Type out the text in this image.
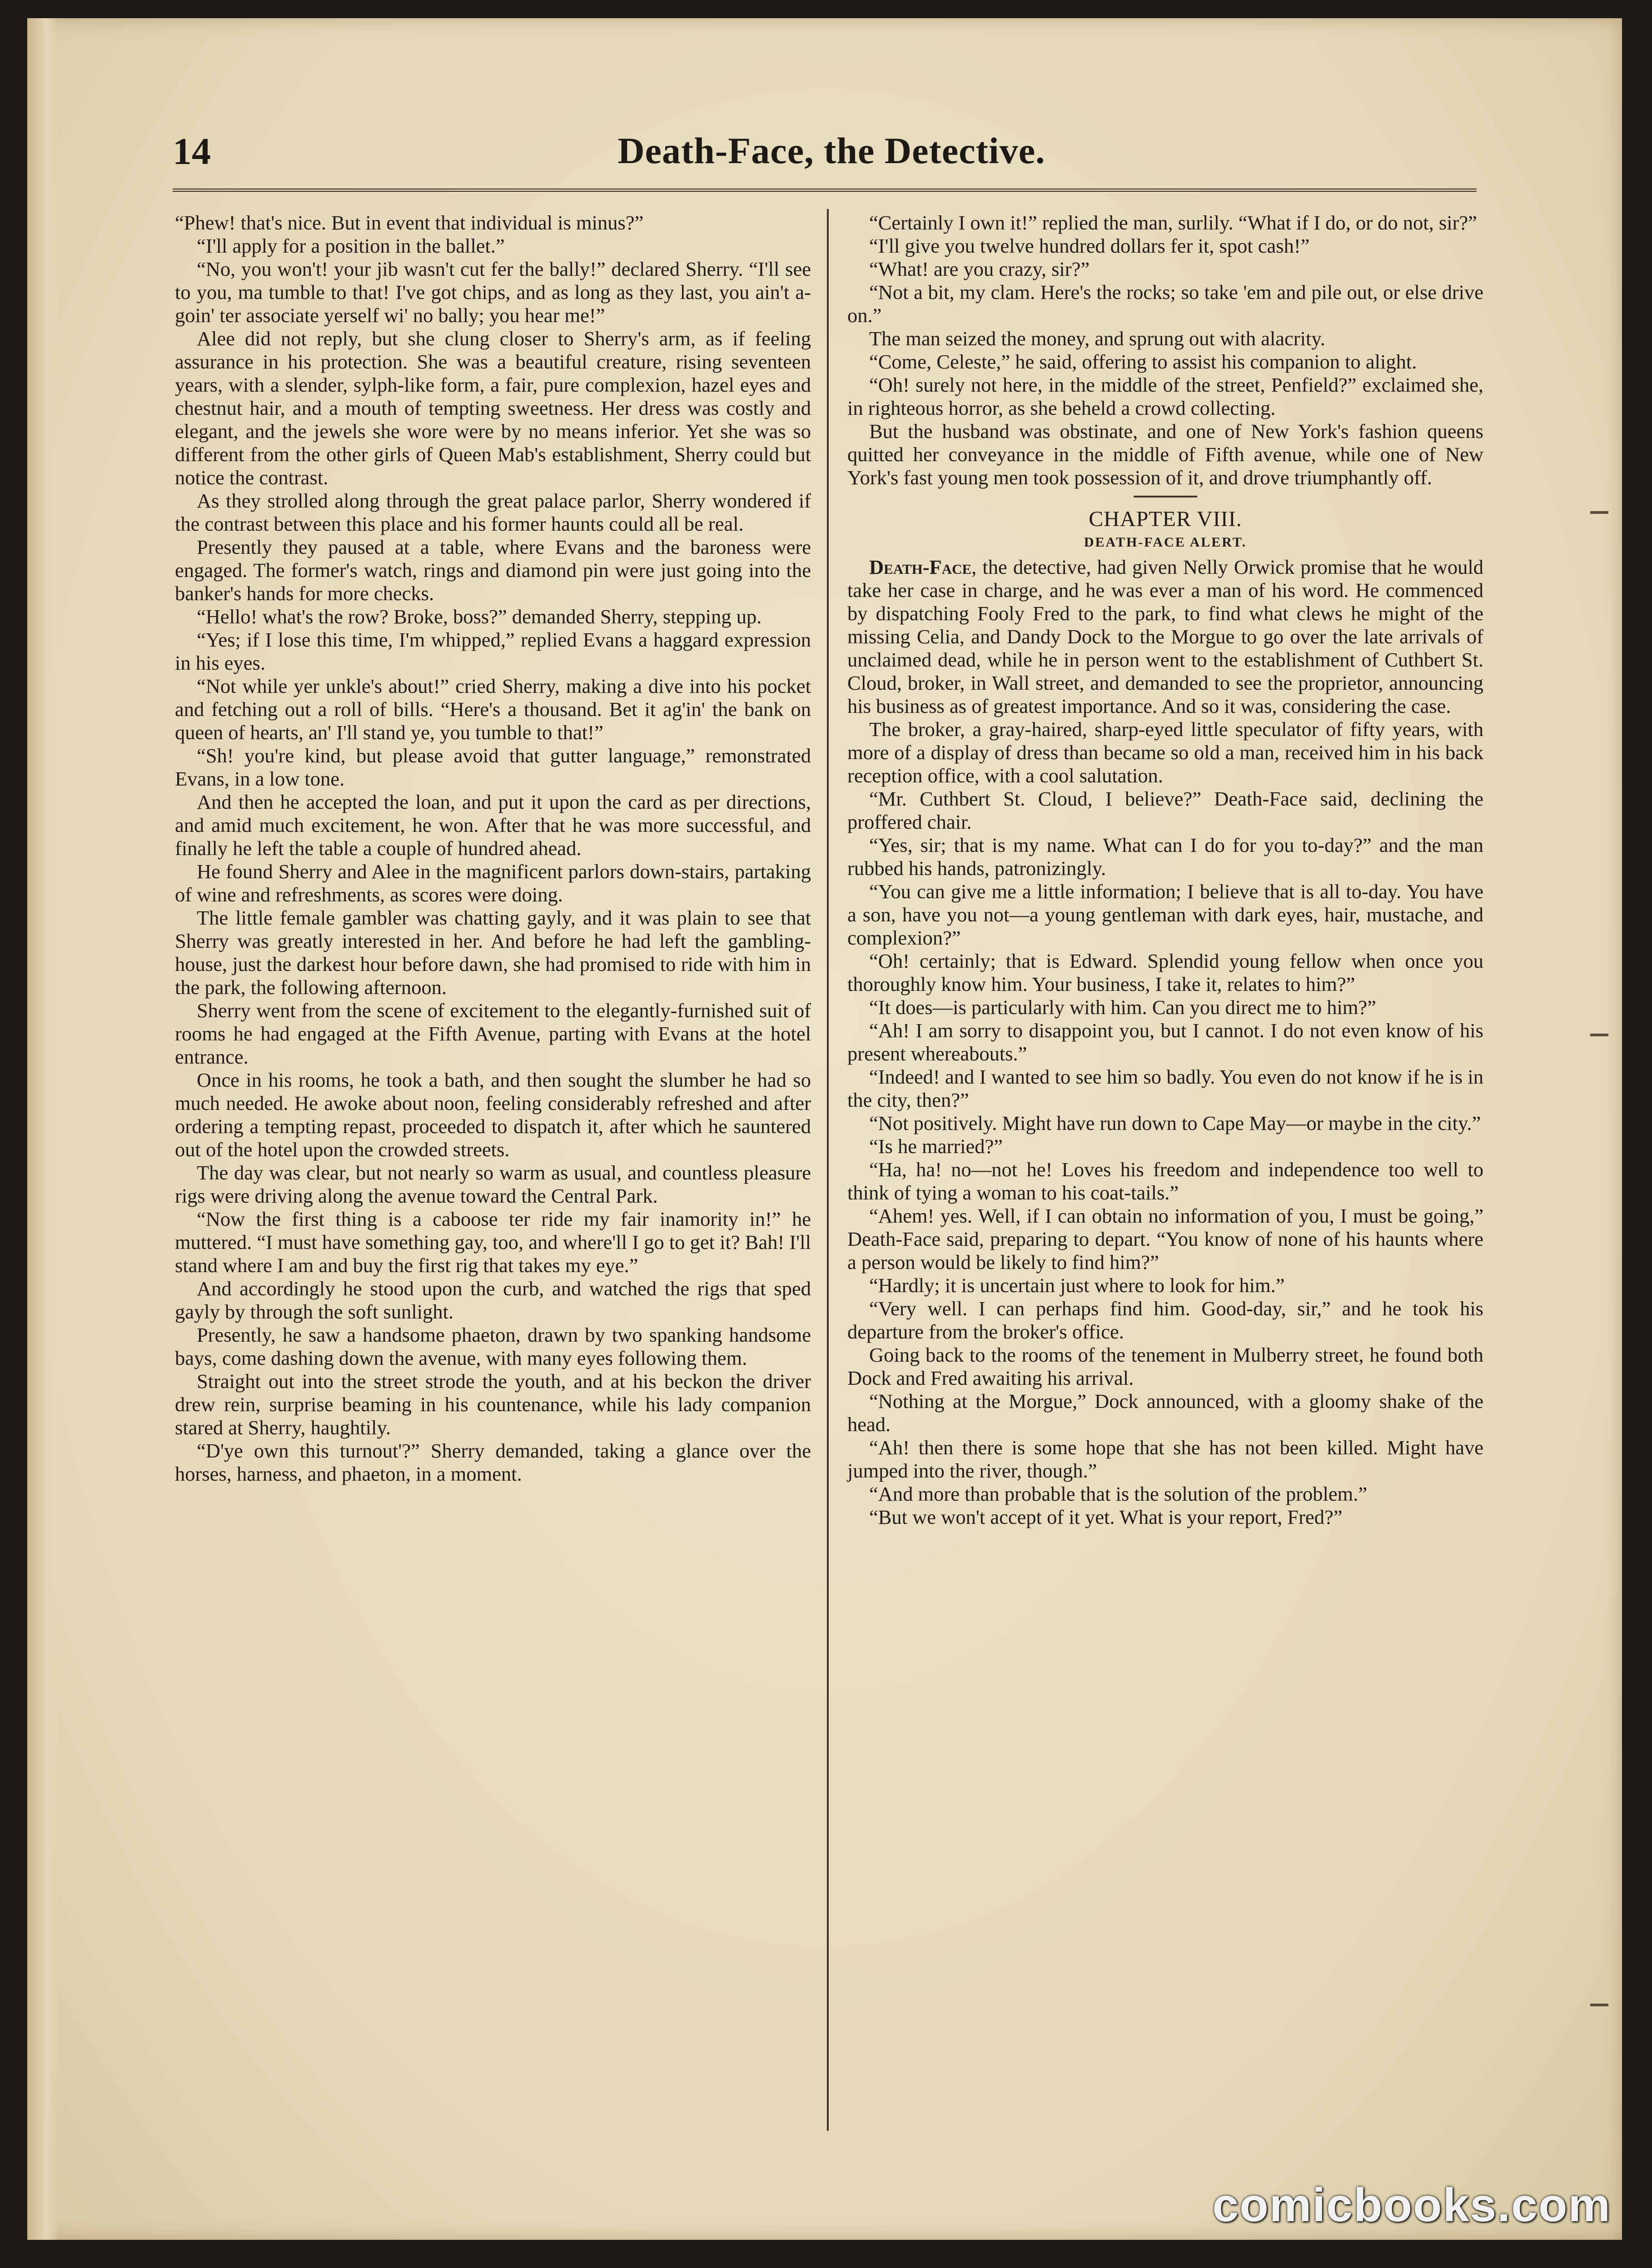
14	Death-Face, the Detective.

“Phew! that's nice. But in event that individual is minus?”

“I'll apply for a position in the ballet.”

“No, you won't! your jib wasn't cut fer the bally!” declared Sherry. “I'll see to you, ma tumble to that! I've got chips, and as long as they last, you ain't a-goin' ter associate yerself wi' no bally; you hear me!”

Alee did not reply, but she clung closer to Sherry's arm, as if feeling assurance in his protection. She was a beautiful creature, rising seventeen years, with a slender, sylph-like form, a fair, pure complexion, hazel eyes and chestnut hair, and a mouth of tempting sweetness. Her dress was costly and elegant, and the jewels she wore were by no means inferior. Yet she was so different from the other girls of Queen Mab's establishment, Sherry could but notice the contrast.

As they strolled along through the great palace parlor, Sherry wondered if the contrast between this place and his former haunts could all be real.

Presently they paused at a table, where Evans and the baroness were engaged. The former's watch, rings and diamond pin were just going into the banker's hands for more checks.

“Hello! what's the row? Broke, boss?” demanded Sherry, stepping up.

“Yes; if I lose this time, I'm whipped,” replied Evans a haggard expression in his eyes.

“Not while yer unkle's about!” cried Sherry, making a dive into his pocket and fetching out a roll of bills. “Here's a thousand. Bet it ag'in' the bank on queen of hearts, an' I'll stand ye, you tumble to that!”

“Sh! you're kind, but please avoid that gutter language,” remonstrated Evans, in a low tone.

And then he accepted the loan, and put it upon the card as per directions, and amid much excitement, he won. After that he was more successful, and finally he left the table a couple of hundred ahead.

He found Sherry and Alee in the magnificent parlors down-stairs, partaking of wine and refreshments, as scores were doing.

The little female gambler was chatting gayly, and it was plain to see that Sherry was greatly interested in her. And before he had left the gambling-house, just the darkest hour before dawn, she had promised to ride with him in the park, the following afternoon.

Sherry went from the scene of excitement to the elegantly-furnished suit of rooms he had engaged at the Fifth Avenue, parting with Evans at the hotel entrance.

Once in his rooms, he took a bath, and then sought the slumber he had so much needed. He awoke about noon, feeling considerably refreshed and after ordering a tempting repast, proceeded to dispatch it, after which he sauntered out of the hotel upon the crowded streets.

The day was clear, but not nearly so warm as usual, and countless pleasure rigs were driving along the avenue toward the Central Park.

“Now the first thing is a caboose ter ride my fair inamority in!” he muttered. “I must have something gay, too, and where'll I go to get it? Bah! I'll stand where I am and buy the first rig that takes my eye.”

And accordingly he stood upon the curb, and watched the rigs that sped gayly by through the soft sunlight.

Presently, he saw a handsome phaeton, drawn by two spanking handsome bays, come dashing down the avenue, with many eyes following them.

Straight out into the street strode the youth, and at his beckon the driver drew rein, surprise beaming in his countenance, while his lady companion stared at Sherry, haughtily.

“D'ye own this turnout'?” Sherry demanded, taking a glance over the horses, harness, and phaeton, in a moment.

“Certainly I own it!” replied the man, surlily. “What if I do, or do not, sir?”

“I'll give you twelve hundred dollars fer it, spot cash!”

“What! are you crazy, sir?”

“Not a bit, my clam. Here's the rocks; so take 'em and pile out, or else drive on.”

The man seized the money, and sprung out with alacrity.

“Come, Celeste,” he said, offering to assist his companion to alight.

“Oh! surely not here, in the middle of the street, Penfield?” exclaimed she, in righteous horror, as she beheld a crowd collecting.

But the husband was obstinate, and one of New York's fashion queens quitted her conveyance in the middle of Fifth avenue, while one of New York's fast young men took possession of it, and drove triumphantly off.

CHAPTER VIII.
DEATH-FACE ALERT.

Death-Face, the detective, had given Nelly Orwick promise that he would take her case in charge, and he was ever a man of his word. He commenced by dispatching Fooly Fred to the park, to find what clews he might of the missing Celia, and Dandy Dock to the Morgue to go over the late arrivals of unclaimed dead, while he in person went to the establishment of Cuthbert St. Cloud, broker, in Wall street, and demanded to see the proprietor, announcing his business as of greatest importance. And so it was, considering the case.

The broker, a gray-haired, sharp-eyed little speculator of fifty years, with more of a display of dress than became so old a man, received him in his back reception office, with a cool salutation.

“Mr. Cuthbert St. Cloud, I believe?” Death-Face said, declining the proffered chair.

“Yes, sir; that is my name. What can I do for you to-day?” and the man rubbed his hands, patronizingly.

“You can give me a little information; I believe that is all to-day. You have a son, have you not—a young gentleman with dark eyes, hair, mustache, and complexion?”

“Oh! certainly; that is Edward. Splendid young fellow when once you thoroughly know him. Your business, I take it, relates to him?”

“It does—is particularly with him. Can you direct me to him?”

“Ah! I am sorry to disappoint you, but I cannot. I do not even know of his present whereabouts.”

“Indeed! and I wanted to see him so badly. You even do not know if he is in the city, then?”

“Not positively. Might have run down to Cape May—or maybe in the city.”

“Is he married?”

“Ha, ha! no—not he! Loves his freedom and independence too well to think of tying a woman to his coat-tails.”

“Ahem! yes. Well, if I can obtain no information of you, I must be going,” Death-Face said, preparing to depart. “You know of none of his haunts where a person would be likely to find him?”

“Hardly; it is uncertain just where to look for him.”

“Very well. I can perhaps find him. Good-day, sir,” and he took his departure from the broker's office.

Going back to the rooms of the tenement in Mulberry street, he found both Dock and Fred awaiting his arrival.

“Nothing at the Morgue,” Dock announced, with a gloomy shake of the head.

“Ah! then there is some hope that she has not been killed. Might have jumped into the river, though.”

“And more than probable that is the solution of the problem.”

“But we won't accept of it yet. What is your report, Fred?”

comicbooks.com
